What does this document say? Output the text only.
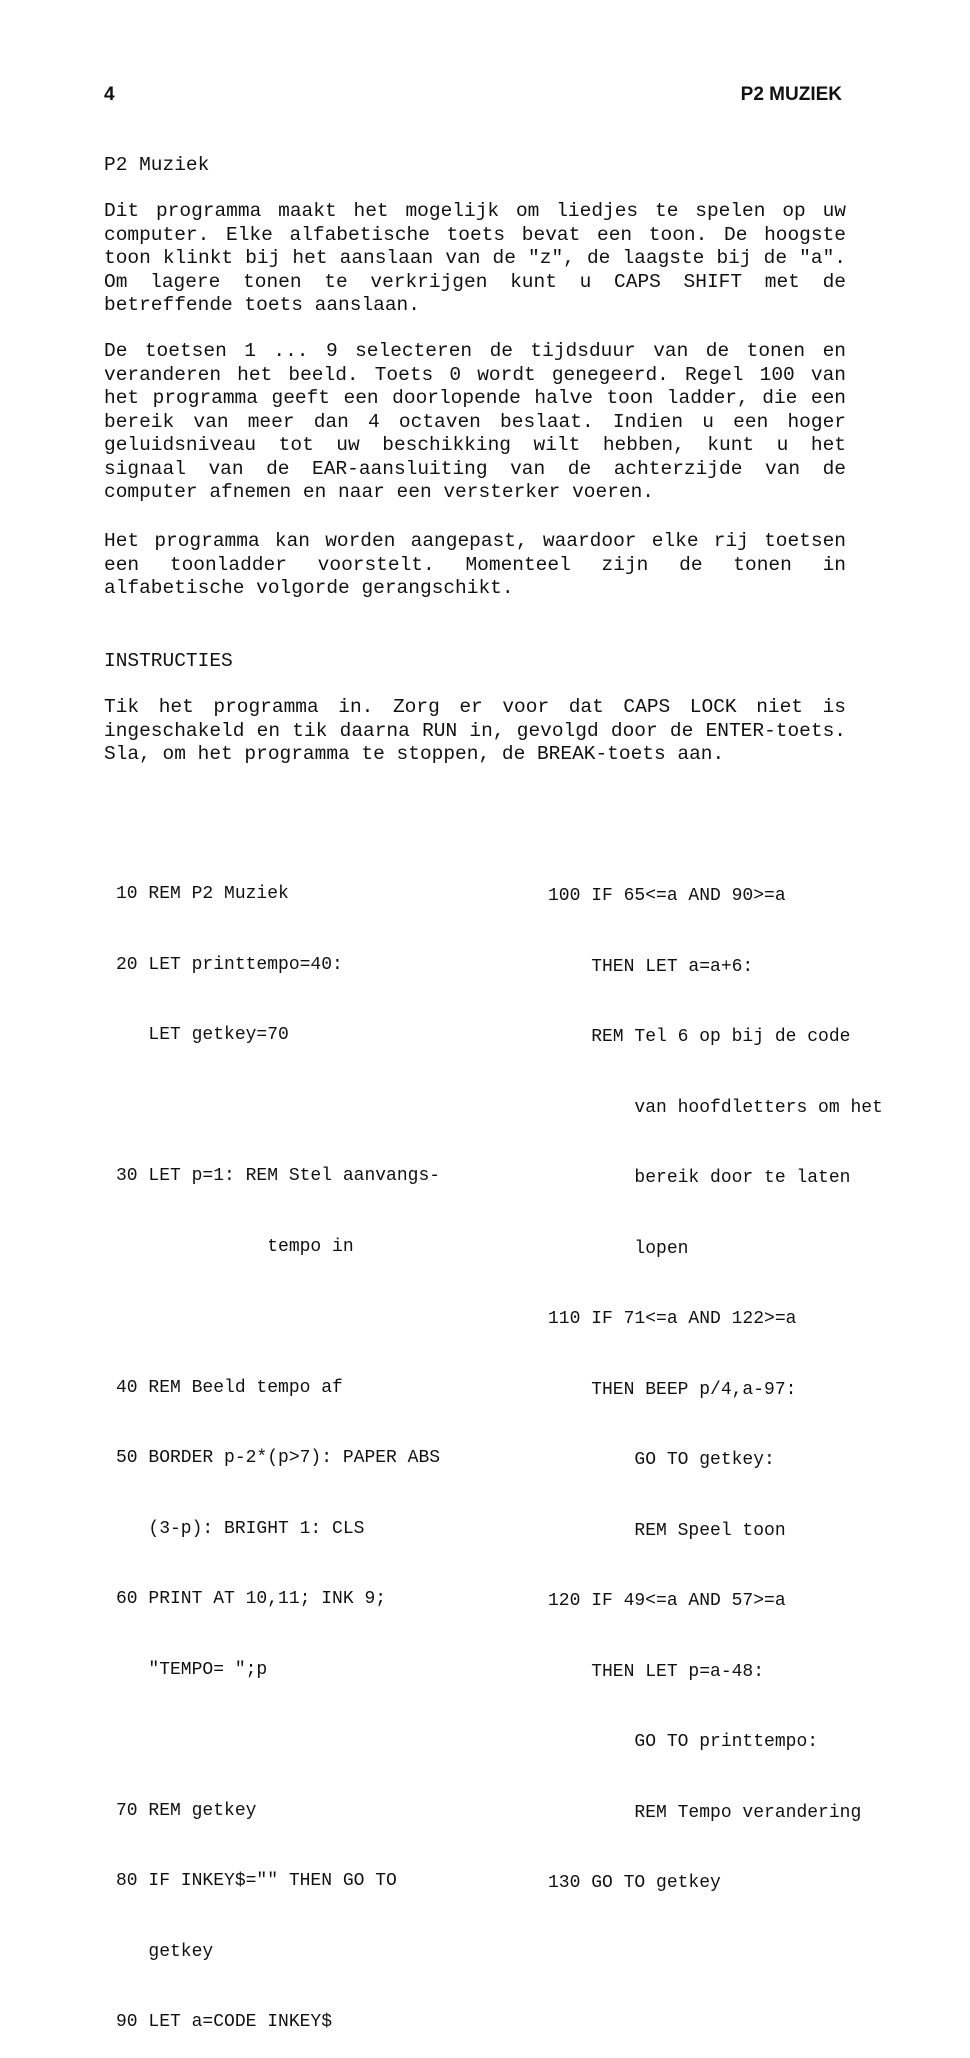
4	P2 MUZIEK
P2 Muziek

Dit programma maakt het mogelijk om liedjes te spelen op uw computer. Elke alfabetische toets bevat een toon. De hoogste toon klinkt bij het aanslaan van de "z", de laagste bij de "a". Om lagere tonen te verkrijgen kunt u CAPS SHIFT met de betreffende toets aanslaan.

De toetsen 1 ... 9 selecteren de tijdsduur van de tonen en veranderen het beeld. Toets 0 wordt genegeerd. Regel 100 van het programma geeft een doorlopende halve toon ladder, die een bereik van meer dan 4 octaven beslaat. Indien u een hoger geluidsniveau tot uw beschikking wilt hebben, kunt u het signaal van de EAR-aansluiting van de achterzijde van de computer afnemen en naar een versterker voeren.

Het programma kan worden aangepast, waardoor elke rij toetsen een toonladder voorstelt. Momenteel zijn de tonen in alfabetische volgorde gerangschikt.

INSTRUCTIES

Tik het programma in. Zorg er voor dat CAPS LOCK niet is ingeschakeld en tik daarna RUN in, gevolgd door de ENTER-toets. Sla, om het programma te stoppen, de BREAK-toets aan.

10 REM P2 Muziek

20 LET printtempo=40:

LET getkey=70

30 LET p=1: REM Stel aanvangs-

tempo in

40 REM Beeld tempo af

50 BORDER p-2*(p>7): PAPER ABS

(3-p): BRIGHT 1: CLS

60 PRINT AT 10,11; INK 9;

"TEMPO= ";p

70 REM getkey

80 IF INKEY$="" THEN GO TO

getkey

90 LET a=CODE INKEY$

100 IF 65<=a AND 90>=a

THEN LET a=a+6:

REM Tel 6 op bij de code

van hoofdletters om het

bereik door te laten

lopen

110 IF 71<=a AND 122>=a

THEN BEEP p/4,a-97:

GO TO getkey:

REM Speel toon

120 IF 49<=a AND 57>=a

THEN LET p=a-48:

GO TO printtempo:

REM Tempo verandering

130 GO TO getkey
